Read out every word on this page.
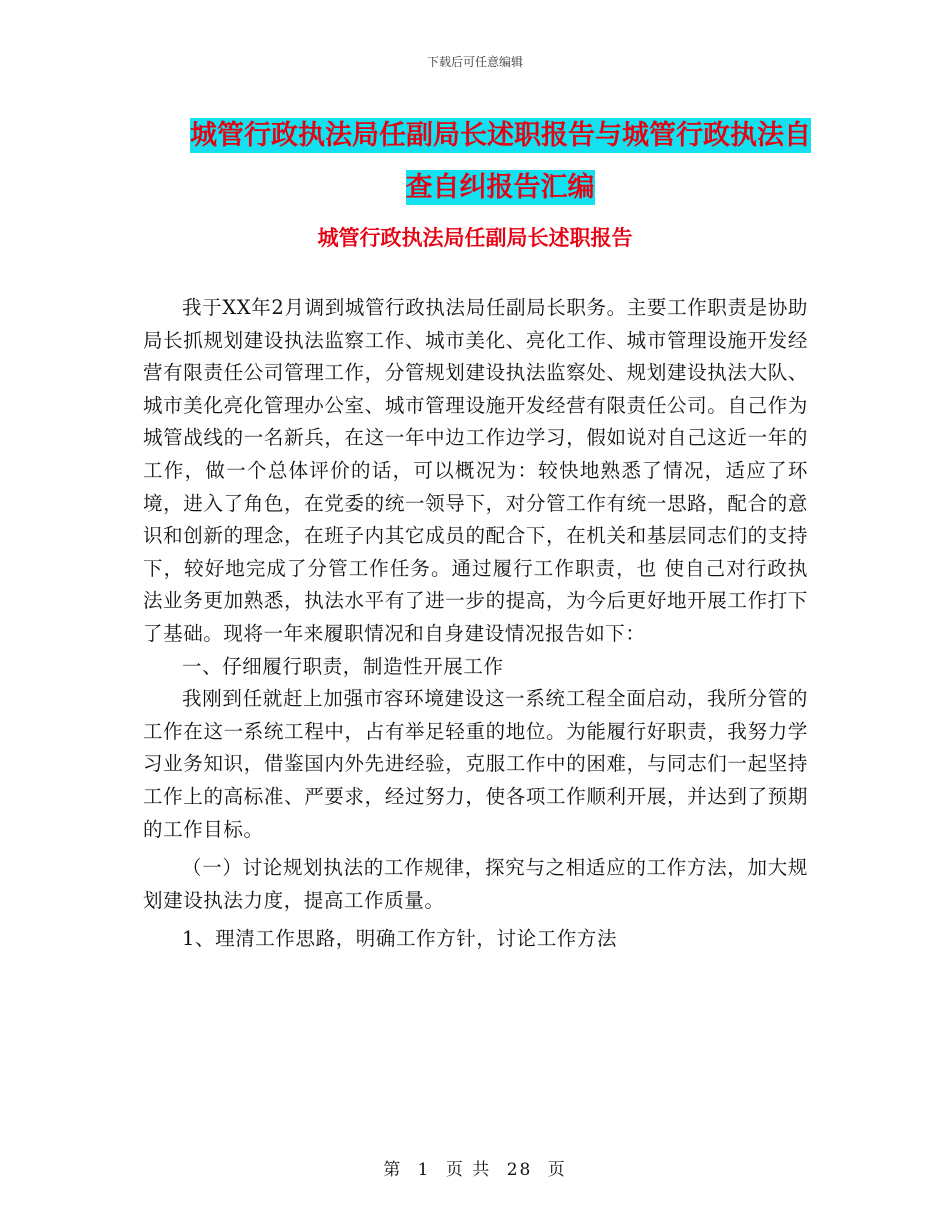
下载后可任意编辑
城管行政执法局任副局长述职报告与城管行政执法自
查自纠报告汇编
城管行政执法局任副局长述职报告

我于XX年2月调到城管行政执法局任副局长职务。主要工作职责是协助局长抓规划建设执法监察工作、城市美化、亮化工作、城市管理设施开发经营有限责任公司管理工作，分管规划建设执法监察处、规划建设执法大队、城市美化亮化管理办公室、城市管理设施开发经营有限责任公司。自己作为城管战线的一名新兵，在这一年中边工作边学习，假如说对自己这近一年的工作，做一个总体评价的话，可以概况为：较快地熟悉了情况，适应了环境，进入了角色，在党委的统一领导下，对分管工作有统一思路，配合的意识和创新的理念，在班子内其它成员的配合下，在机关和基层同志们的支持下，较好地完成了分管工作任务。通过履行工作职责，也 使自己对行政执法业务更加熟悉，执法水平有了进一步的提高，为今后更好地开展工作打下了基础。现将一年来履职情况和自身建设情况报告如下：

一、仔细履行职责，制造性开展工作

我刚到任就赶上加强市容环境建设这一系统工程全面启动，我所分管的工作在这一系统工程中，占有举足轻重的地位。为能履行好职责，我努力学习业务知识，借鉴国内外先进经验，克服工作中的困难，与同志们一起坚持工作上的高标准、严要求，经过努力，使各项工作顺利开展，并达到了预期的工作目标。

（一）讨论规划执法的工作规律，探究与之相适应的工作方法，加大规划建设执法力度，提高工作质量。

1、理清工作思路，明确工作方针，讨论工作方法

第 1 页 共 28 页
